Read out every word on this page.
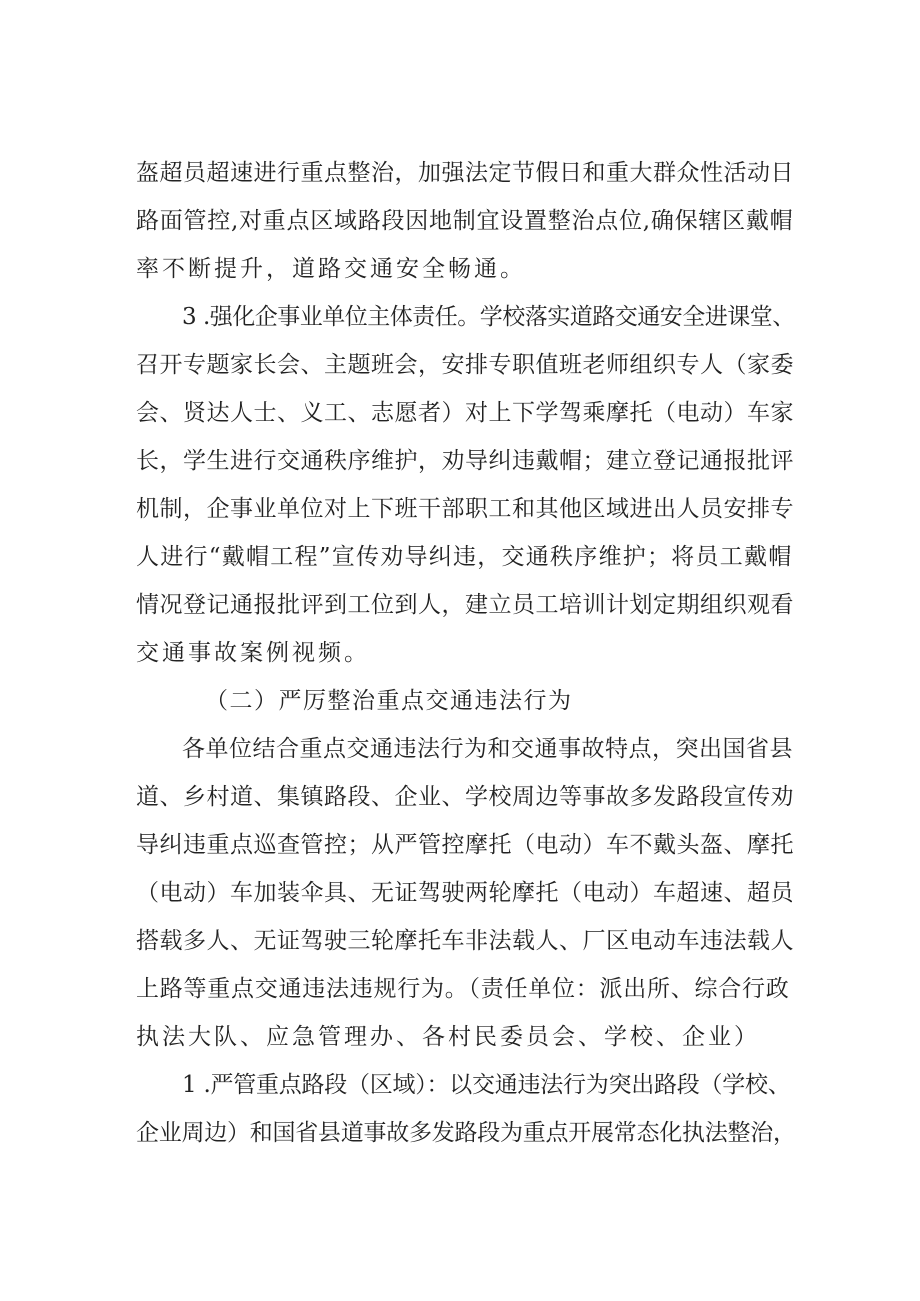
盔超员超速进行重点整治，加强法定节假日和重大群众性活动日
路面管控,对重点区域路段因地制宜设置整治点位,确保辖区戴帽
率不断提升，道路交通安全畅通。
3 .强化企事业单位主体责任。学校落实道路交通安全进课堂、
召开专题家长会、主题班会，安排专职值班老师组织专人（家委
会、贤达人士、义工、志愿者）对上下学驾乘摩托（电动）车家
长，学生进行交通秩序维护，劝导纠违戴帽；建立登记通报批评
机制，企事业单位对上下班干部职工和其他区域进出人员安排专
人进行“戴帽工程”宣传劝导纠违，交通秩序维护；将员工戴帽
情况登记通报批评到工位到人，建立员工培训计划定期组织观看
交通事故案例视频。
（二）严厉整治重点交通违法行为
各单位结合重点交通违法行为和交通事故特点，突出国省县
道、乡村道、集镇路段、企业、学校周边等事故多发路段宣传劝
导纠违重点巡查管控；从严管控摩托（电动）车不戴头盔、摩托
（电动）车加装伞具、无证驾驶两轮摩托（电动）车超速、超员
搭载多人、无证驾驶三轮摩托车非法载人、厂区电动车违法载人
上路等重点交通违法违规行为。（责任单位：派出所、综合行政
执法大队、应急管理办、各村民委员会、学校、企业）
1 .严管重点路段（区域）：以交通违法行为突出路段（学校、
企业周边）和国省县道事故多发路段为重点开展常态化执法整治，
